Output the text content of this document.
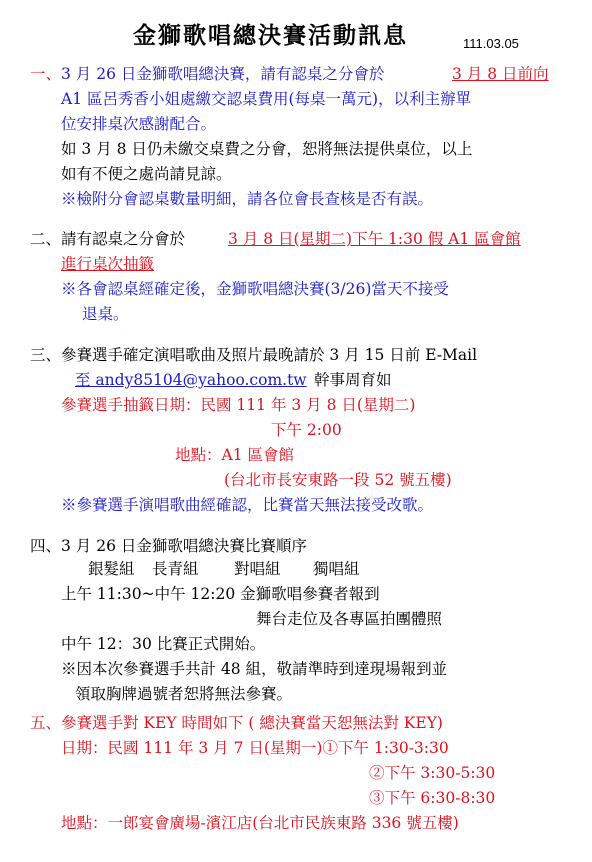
金獅歌唱總決賽活動訊息	111.03.05
一、 3 月 26 日金獅歌唱總決賽，請有認桌之分會於	3 月 8 日前向
A1 區呂秀香小姐處繳交認桌費用(每桌一萬元)，以利主辦單
位安排桌次感謝配合。
如 3 月 8 日仍未繳交桌費之分會，恕將無法提供桌位，以上
如有不便之處尚請見諒。
※檢附分會認桌數量明細，請各位會長查核是否有誤。
二、 請有認桌之分會於	3 月 8 日(星期二)下午 1:30 假 A1 區會館
進行桌次抽籤
※各會認桌經確定後，金獅歌唱總決賽(3/26)當天不接受
退桌。
三、 參賽選手確定演唱歌曲及照片最晚請於 3 月 15 日前 E-Mail
至 andy85104@yahoo.com.tw 幹事周育如
參賽選手抽籤日期：民國 111 年 3 月 8 日(星期二)
下午 2:00
地點：A1 區會館
(台北市長安東路一段 52 號五樓)
※參賽選手演唱歌曲經確認，比賽當天無法接受改歌。
四、 3 月 26 日金獅歌唱總決賽比賽順序
銀髮組 長青組 對唱組 獨唱組
上午 11:30~中午 12:20 金獅歌唱參賽者報到
舞台走位及各專區拍團體照
中午 12：30 比賽正式開始。
※因本次參賽選手共計 48 組，敬請準時到達現場報到並
領取胸牌過號者恕將無法參賽。
五、 參賽選手對 KEY 時間如下 ( 總決賽當天恕無法對 KEY)
日期：民國 111 年 3 月 7 日(星期一)①下午 1:30-3:30
②下午 3:30-5:30
③下午 6:30-8:30
地點：一郎宴會廣場-濱江店(台北市民族東路 336 號五樓)
